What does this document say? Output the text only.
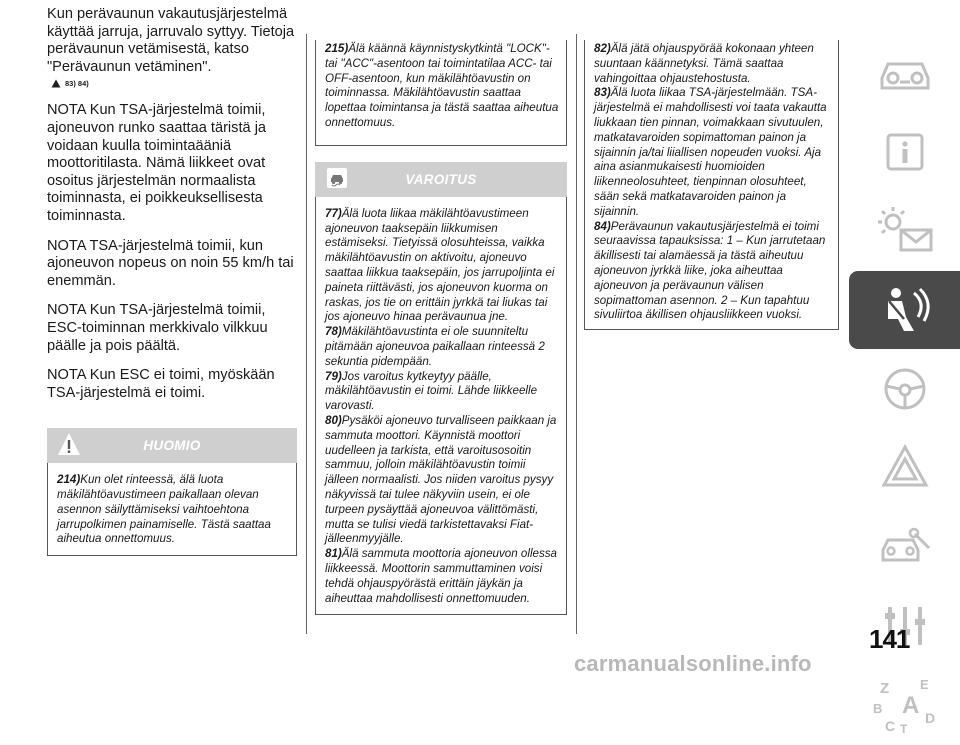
Kun perävaunun vakautusjärjestelmä käyttää jarruja, jarruvalo syttyy. Tietoja perävaunun vetämisestä, katso "Perävaunun vetäminen".

83) 84)

NOTA Kun TSA-järjestelmä toimii, ajoneuvon runko saattaa täristä ja voidaan kuulla toimintaääniä moottoritilasta. Nämä liikkeet ovat osoitus järjestelmän normaalista toiminnasta, ei poikkeuksellisesta toiminnasta.

NOTA TSA-järjestelmä toimii, kun ajoneuvon nopeus on noin 55 km/h tai enemmän.

NOTA Kun TSA-järjestelmä toimii, ESC-toiminnan merkkivalo vilkkuu päälle ja pois päältä.

NOTA Kun ESC ei toimi, myöskään TSA-järjestelmä ei toimi.

HUOMIO

214)Kun olet rinteessä, älä luota mäkilähtöavustimeen paikallaan olevan asennon säilyttämiseksi vaihtoehtona jarrupolkimen painamiselle. Tästä saattaa aiheutua onnettomuus.

215)Älä käännä käynnistyskytkintä "LOCK"- tai "ACC"-asentoon tai toimintatilaa ACC- tai OFF-asentoon, kun mäkilähtöavustin on toiminnassa. Mäkilähtöavustin saattaa lopettaa toimintansa ja tästä saattaa aiheutua onnettomuus.

VAROITUS

77)Älä luota liikaa mäkilähtöavustimeen ajoneuvon taaksepäin liikkumisen estämiseksi. Tietyissä olosuhteissa, vaikka mäkilähtöavustin on aktivoitu, ajoneuvo saattaa liikkua taaksepäin, jos jarrupoljinta ei paineta riittävästi, jos ajoneuvon kuorma on raskas, jos tie on erittäin jyrkkä tai liukas tai jos ajoneuvo hinaa perävaunua jne.

78)Mäkilähtöavustinta ei ole suunniteltu pitämään ajoneuvoa paikallaan rinteessä 2 sekuntia pidempään.

79)Jos varoitus kytkeytyy päälle, mäkilähtöavustin ei toimi. Lähde liikkeelle varovasti.

80)Pysäköi ajoneuvo turvalliseen paikkaan ja sammuta moottori. Käynnistä moottori uudelleen ja tarkista, että varoitusosoitin sammuu, jolloin mäkilähtöavustin toimii jälleen normaalisti. Jos niiden varoitus pysyy näkyvissä tai tulee näkyviin usein, ei ole turpeen pysäyttää ajoneuvoa välittömästi, mutta se tulisi viedä tarkistettavaksi Fiat-jälleenmyyjälle.

81)Älä sammuta moottoria ajoneuvon ollessa liikkeessä. Moottorin sammuttaminen voisi tehdä ohjauspyörästä erittäin jäykän ja aiheuttaa mahdollisesti onnettomuuden.

82)Älä jätä ohjauspyörää kokonaan yhteen suuntaan käännetyksi. Tämä saattaa vahingoittaa ohjaustehostusta.

83)Älä luota liikaa TSA-järjestelmään. TSA-järjestelmä ei mahdollisesti voi taata vakautta liukkaan tien pinnan, voimakkaan sivutuulen, matkatavaroiden sopimattoman painon ja sijainnin ja/tai liiallisen nopeuden vuoksi. Aja aina asianmukaisesti huomioiden liikenneolosuhteet, tienpinnan olosuhteet, sään sekä matkatavaroiden painon ja sijainnin.

84)Perävaunun vakautusjärjestelmä ei toimi seuraavissa tapauksissa: 1 – Kun jarrutetaan äkillisesti tai alamäessä ja tästä aiheutuu ajoneuvon jyrkkä liike, joka aiheuttaa ajoneuvon ja perävaunun välisen sopimattoman asennon. 2 – Kun tapahtuu sivuliirtoa äkillisen ohjausliikkeen vuoksi.

Z E
B A
C T
D
141
carmanualsonline.info
